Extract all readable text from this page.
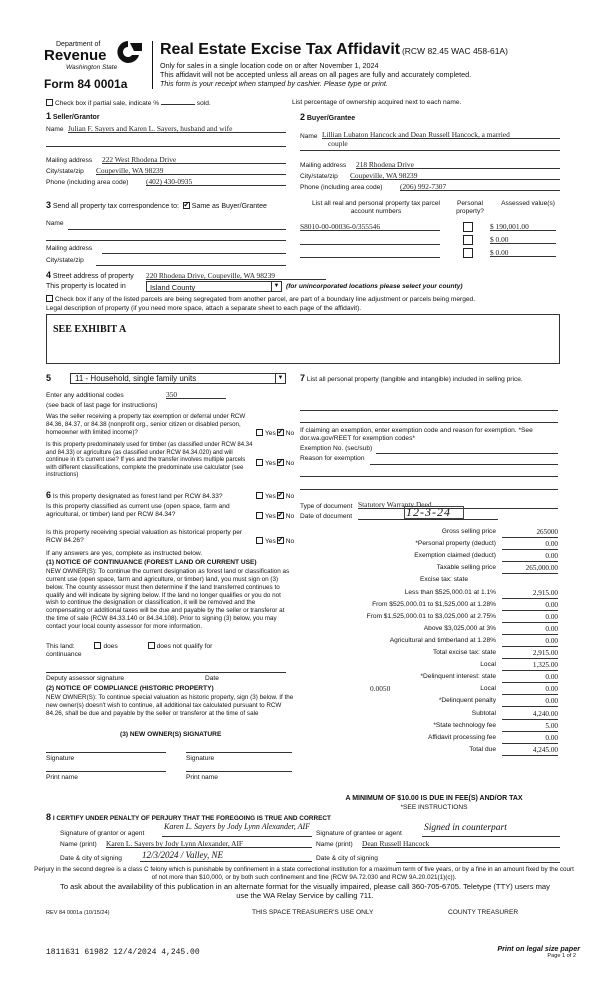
Department of
Revenue
Washington State
Form 84 0001a
Real Estate Excise Tax Affidavit (RCW 82.45 WAC 458-61A)
Only for sales in a single location code on or after November 1, 2024
This affidavit will not be accepted unless all areas on all pages are fully and accurately completed.
This form is your receipt when stamped by cashier. Please type or print.
Check box if partial sale, indicate %	sold.	List percentage of ownership acquired next to each name.
1 Seller/Grantor
Name Julian F. Sayers and Karen L. Sayers, husband and wife
Mailing address 222 West Rhodena Drive
City/state/zip Coupeville, WA 98239
Phone (including area code) (402) 430-0935
2 Buyer/Grantee
Name Lillian Lubaton Hancock and Dean Russell Hancock, a married
couple
Mailing address 218 Rhodena Drive
City/state/zip Coupeville, WA 98239
Phone (including area code) (206) 992-7307
3 Send all property tax correspondence to: ✓ Same as Buyer/Grantee
Name
Mailing address
City/state/zip
List all real and personal property tax parcel account numbers
Personal property?
Assessed value(s)
S8010-00-00036-0/355546	$ 190,001.00
$ 0.00
$ 0.00
4 Street address of property 220 Rhodena Drive, Coupeville, WA 98239
This property is located in	Island County	▼ (for unincorporated locations please select your county)
Check box if any of the listed parcels are being segregated from another parcel, are part of a boundary line adjustment or parcels being merged.
Legal description of property (if you need more space, attach a separate sheet to each page of the affidavit).
SEE EXHIBIT A
5	11 - Household, single family units	▼
Enter any additional codes	350
(see back of last page for instructions)
Was the seller receiving a property tax exemption or deferral under RCW 84.36, 84.37, or 84.38 (nonprofit org., senior citizen or disabled person, homeowner with limited income)?	Yes ✓ No
Is this property predominately used for timber (as classified under RCW 84.34 and 84.33) or agriculture (as classified under RCW 84.34.020) and will continue in it's current use? If yes and the transfer involves multiple parcels with different classifications, complete the predominate use calculator (see instructions)
Yes ✓ No
6 Is this property designated as forest land per RCW 84.33?	Yes ✓ No
Is this property classified as current use (open space, farm and agricultural, or timber) land per RCW 84.34?	Yes ✓ No
Is this property receiving special valuation as historical property per RCW 84.26?	Yes ✓ No
If any answers are yes, complete as instructed below.
(1) NOTICE OF CONTINUANCE (FOREST LAND OR CURRENT USE)
NEW OWNER(S): To continue the current designation as forest land or classification as current use (open space, farm and agriculture, or timber) land, you must sign on (3) below. The county assessor must then determine if the land transferred continues to qualify and will indicate by signing below. If the land no longer qualifies or you do not wish to continue the designation or classification, it will be removed and the compensating or additional taxes will be due and payable by the seller or transferor at the time of sale (RCW 84.33.140 or 84.34.108). Prior to signing (3) below, you may contact your local county assessor for more information.
This land:	does	does not qualify for
continuance
Deputy assessor signature	Date
(2) NOTICE OF COMPLIANCE (HISTORIC PROPERTY)
NEW OWNER(S): To continue special valuation as historic property, sign (3) below. If the new owner(s) doesn't wish to continue, all additional tax calculated pursuant to RCW 84.26, shall be due and payable by the seller or transferor at the time of sale
(3) NEW OWNER(S) SIGNATURE
Signature	Signature
Print name	Print name
7 List all personal property (tangible and intangible) included in selling price.
If claiming an exemption, enter exemption code and reason for exemption. *See dor.wa.gov/REET for exemption codes*
Exemption No. (sec/sub)
Reason for exemption
Type of document Statutory Warranty Deed
Date of document	12-3-24
Gross selling price	265000
*Personal property (deduct)	0.00
Exemption claimed (deduct)	0.00
Taxable selling price	265,000.00
Excise tax: state
Less than $525,000.01 at 1.1%	2,915.00
From $525,000.01 to $1,525,000 at 1.28%	0.00
From $1,525,000.01 to $3,025,000 at 2.75%	0.00
Above $3,025,000 at 3%	0.00
Agricultural and timberland at 1.28%	0.00
Total excise tax: state	2,915.00
Local	1,325.00
*Delinquent interest: state	0.00
Local	0.00
*Delinquent penalty	0.00
Subtotal	4,240.00
*State technology fee	5.00
Affidavit processing fee	0.00
Total due	4,245.00
0.0050
A MINIMUM OF $10.00 IS DUE IN FEE(S) AND/OR TAX
*SEE INSTRUCTIONS
8 I CERTIFY UNDER PENALTY OF PERJURY THAT THE FOREGOING IS TRUE AND CORRECT
Signature of grantor or agent
Karen L. Sayers by Jody Lynn Alexander, AIF
Signature of grantee or agent
Signed in counterpart
Name (print) Karen L. Sayers by Jody Lynn Alexander, AIF	Name (print) Dean Russell Hancock
Date & city of signing 12/3/2024 / Valley, NE	Date & city of signing
Perjury in the second degree is a class C felony which is punishable by confinement in a state correctional institution for a maximum term of five years, or by a fine in an amount fixed by the court of not more than $10,000, or by both such confinement and fine (RCW 9A.72.030 and RCW 9A.20.021(1)(c)).
To ask about the availability of this publication in an alternate format for the visually impaired, please call 360-705-6705. Teletype (TTY) users may use the WA Relay Service by calling 711.
REV 84 0001a (10/15/24)	THIS SPACE TREASURER'S USE ONLY	COUNTY TREASURER
1811631 61982 12/4/2024 4,245.00	Print on legal size paper
Page 1 of 2
